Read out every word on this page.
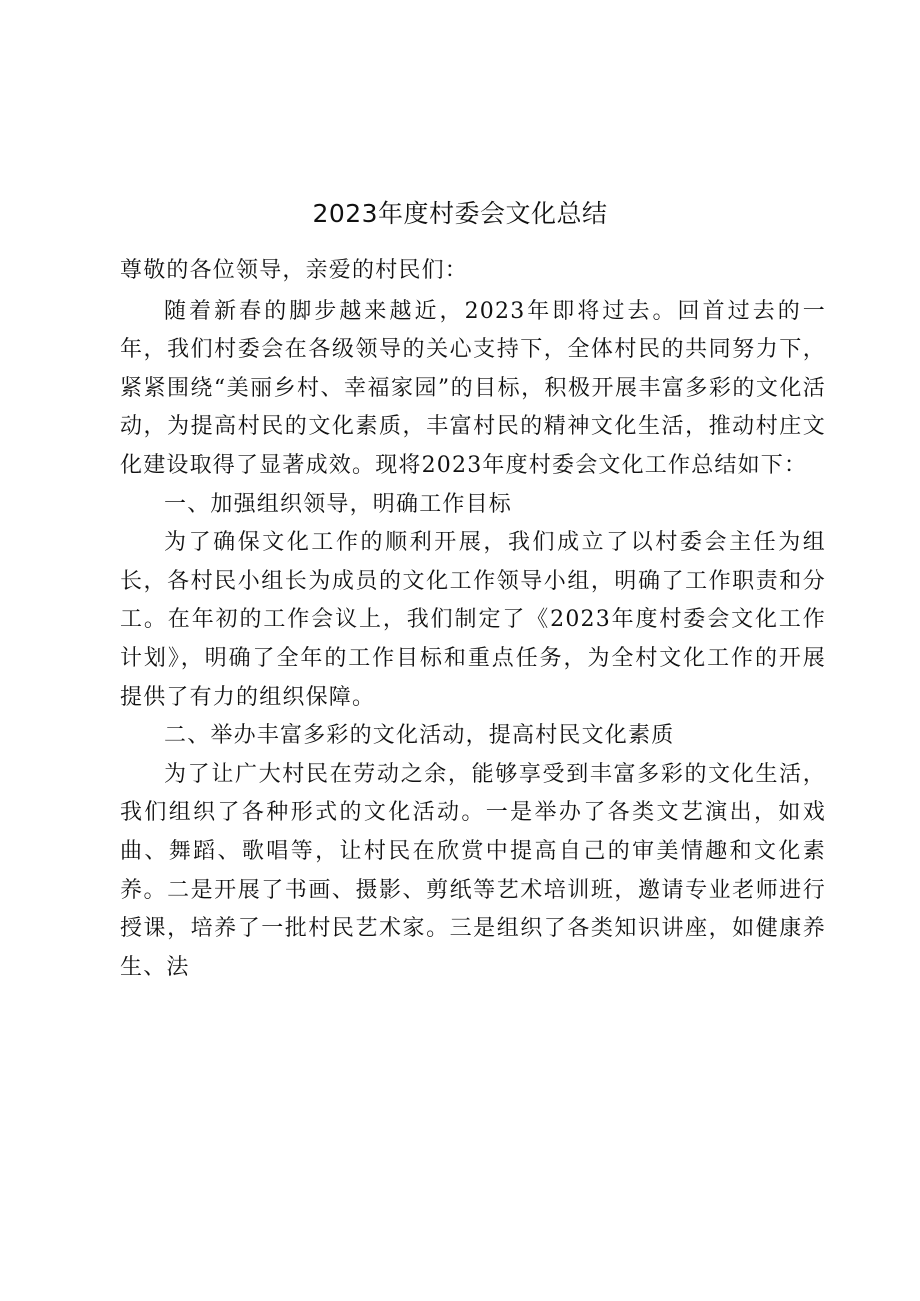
2023年度村委会文化总结

尊敬的各位领导，亲爱的村民们：

随着新春的脚步越来越近，2023年即将过去。回首过去的一年，我们村委会在各级领导的关心支持下，全体村民的共同努力下，紧紧围绕“美丽乡村、幸福家园”的目标，积极开展丰富多彩的文化活动，为提高村民的文化素质，丰富村民的精神文化生活，推动村庄文化建设取得了显著成效。现将2023年度村委会文化工作总结如下：

一、加强组织领导，明确工作目标

为了确保文化工作的顺利开展，我们成立了以村委会主任为组长，各村民小组长为成员的文化工作领导小组，明确了工作职责和分工。在年初的工作会议上，我们制定了《2023年度村委会文化工作计划》，明确了全年的工作目标和重点任务，为全村文化工作的开展提供了有力的组织保障。

二、举办丰富多彩的文化活动，提高村民文化素质

为了让广大村民在劳动之余，能够享受到丰富多彩的文化生活，我们组织了各种形式的文化活动。一是举办了各类文艺演出，如戏曲、舞蹈、歌唱等，让村民在欣赏中提高自己的审美情趣和文化素养。二是开展了书画、摄影、剪纸等艺术培训班，邀请专业老师进行授课，培养了一批村民艺术家。三是组织了各类知识讲座，如健康养生、法
